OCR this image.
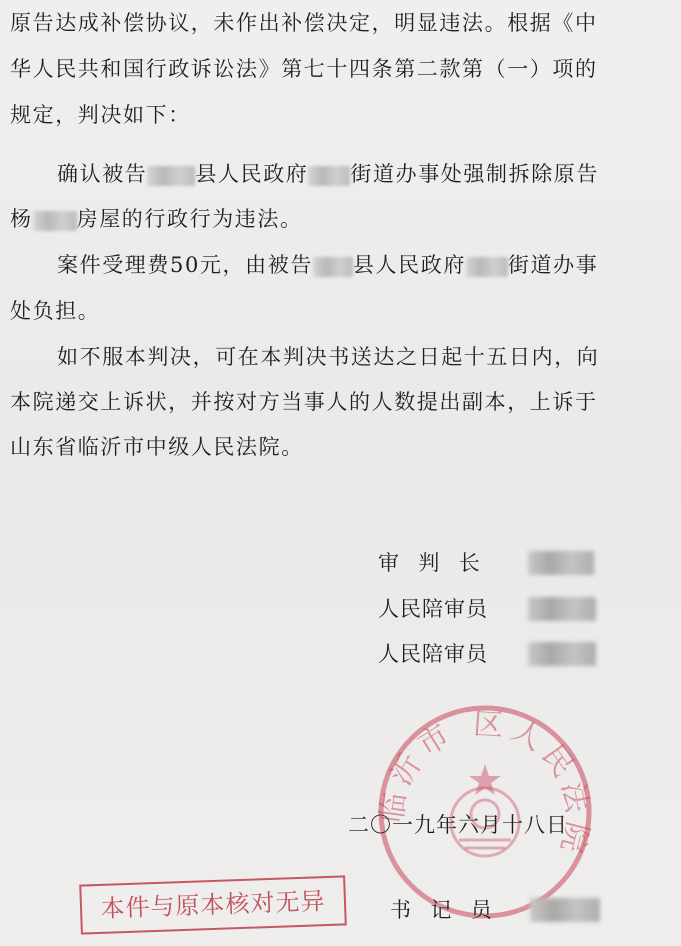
原告达成补偿协议，未作出补偿决定，明显违法。根据《中
华人民共和国行政诉讼法》第七十四条第二款第（一）项的
规定，判决如下：
确认被告 县人民政府 街道办事处强制拆除原告
杨 房屋的行政行为违法。
案件受理费50元，由被告 县人民政府 街道办事
处负担。
如不服本判决，可在本判决书送达之日起十五日内，向
本院递交上诉状，并按对方当事人的人数提出副本，上诉于
山东省临沂市中级人民法院。
审  判  长
人民陪审员
人民陪审员
临沂市 区人民法院
二〇一九年六月十八日
本件与原本核对无异	书  记  员
